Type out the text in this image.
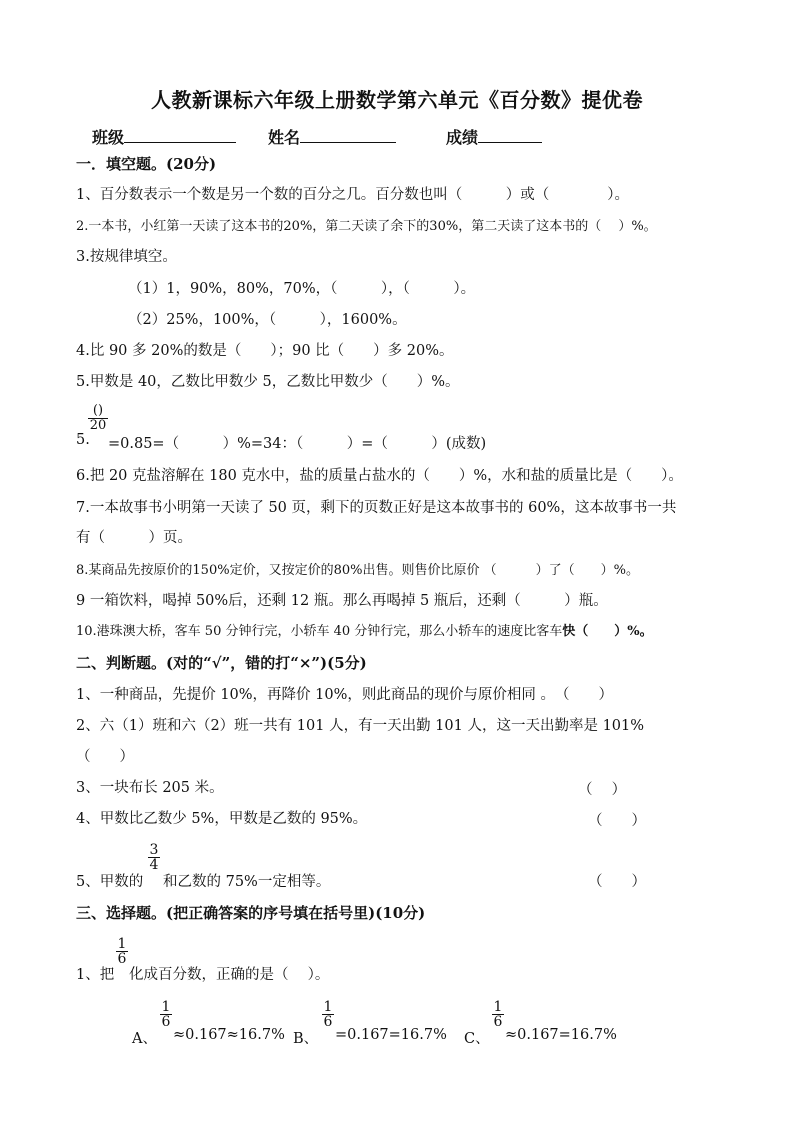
人教新课标六年级上册数学第六单元《百分数》提优卷
班级	姓名	成绩
一．填空题。(20分)
1、百分数表示一个数是另一个数的百分之几。百分数也叫（　　　）或（　　　　）。
2.一本书，小红第一天读了这本书的20%，第二天读了余下的30%，第二天读了这本书的（　 ）%。
3.按规律填空。
（1）1，90%，80%，70%，（　　　），（　　　）。
（2）25%，100%，（　　　），1600%。
4.比 90 多 20%的数是（　　）；90 比（　　）多 20%。
5.甲数是 40，乙数比甲数少 5，乙数比甲数少（　　）%。
5.
()
20
=0.85=（　　　）%=34：（　　　）=（　　　）(成数)
6.把 20 克盐溶解在 180 克水中，盐的质量占盐水的（　　）%，水和盐的质量比是（　　）。
7.一本故事书小明第一天读了 50 页，剩下的页数正好是这本故事书的 60%，这本故事书一共
有（　　　）页。
8.某商品先按原价的150%定价，又按定价的80%出售。则售价比原价 （　　　）了（　　）%。
9 一箱饮料，喝掉 50%后，还剩 12 瓶。那么再喝掉 5 瓶后，还剩（　　　）瓶。
10.港珠澳大桥，客车 50 分钟行完，小轿车 40 分钟行完，那么小轿车的速度比客车快（　　）%。
二、判断题。(对的“√”，错的打“×”)(5分)
1、一种商品，先提价 10%，再降价 10%，则此商品的现价与原价相同 。　（　　）
2、六（1）班和六（2）班一共有 101 人，有一天出勤 101 人，这一天出勤率是 101%
（　　）
3、一块布长 205 米。	（　 ）
4、甲数比乙数少 5%，甲数是乙数的 95%。	（　　）
5、甲数的
3
4
和乙数的 75%一定相等。	（　　）
三、选择题。(把正确答案的序号填在括号里)(10分)
1、把
1
6
化成百分数，正确的是（　 ）。
A、
1
6
≈0.167≈16.7% B、
1
6
=0.167=16.7% C、
1
6
≈0.167=16.7%
